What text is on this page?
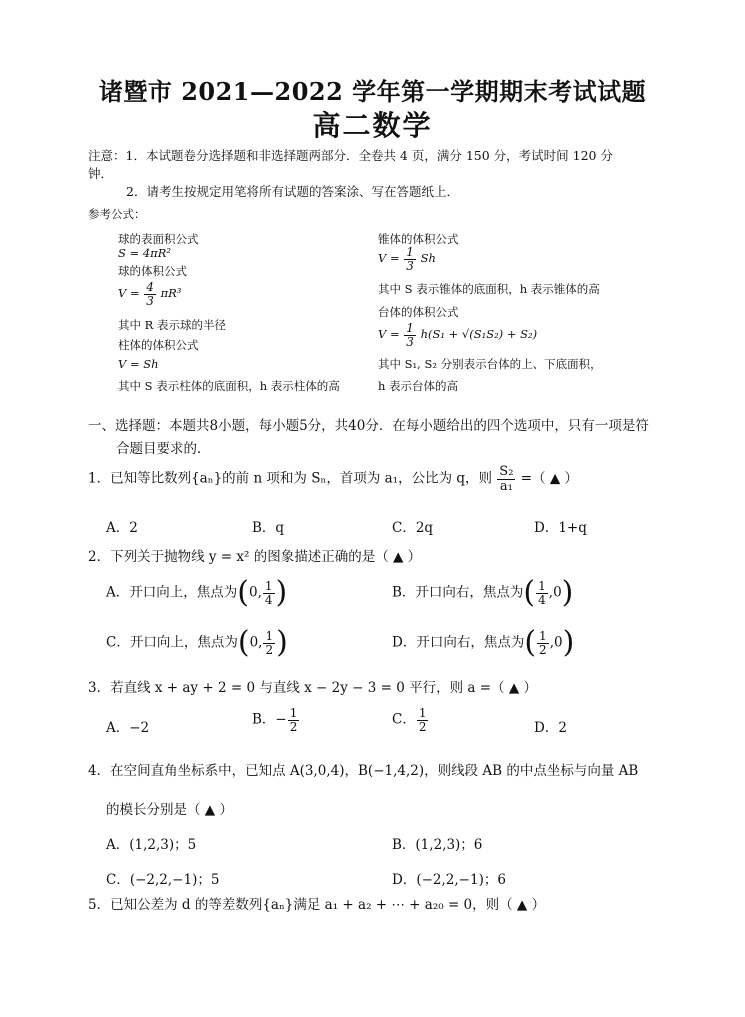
诸暨市 2021—2022 学年第一学期期末考试试题
高二数学
注意：1．本试题卷分选择题和非选择题两部分．全卷共 4 页，满分 150 分，考试时间 120 分
钟．
2．请考生按规定用笔将所有试题的答案涂、写在答题纸上．
参考公式：
球的表面积公式
S = 4πR²
球的体积公式
$V = \frac{4}{3} \pi R^3$
其中 R 表示球的半径
柱体的体积公式
V = Sh
其中 S 表示柱体的底面积，h 表示柱体的高
锥体的体积公式
$V = \frac{1}{3}$ Sh
其中 S 表示锥体的底面积，h 表示锥体的高
台体的体积公式
$V = \frac{1}{3} h(S_1 + √(S_1S_2) + S_2)$
其中 S₁, S₂ 分别表示台体的上、下底面积，
h 表示台体的高
一、选择题：本题共8小题，每小题5分，共40分．在每小题给出的四个选项中，只有一项是符
合题目要求的．
1．已知等比数列{aₙ}的前 n 项和为 Sₙ，首项为 a₁，公比为 q，则 $\frac{\text{S₂}}{\text{a₁}}$ =（ ▲ ）
A．2	B．q	C．2q	D．1+q
2．下列关于抛物线 y = x² 的图象描述正确的是（ ▲ ）
A．开口向上，焦点为(0, $\frac{1}{4}$ )	B．开口向右，焦点为( $\frac{1}{4} ,0$)
C．开口向上，焦点为(0, $\frac{1}{2}$ )	D．开口向右，焦点为( $\frac{1}{2} ,0$)
3．若直线 x + ay + 2 = 0 与直线 x − 2y − 3 = 0 平行，则 a =（ ▲ ）
A．−2
B．− $\frac{1}{2}$	C． $\frac{1}{2}$	D．2
4．在空间直角坐标系中，已知点 A(3,0,4)，B(−1,4,2)，则线段 AB 的中点坐标与向量 AB
的模长分别是（ ▲ ）
A．(1,2,3)；5	B．(1,2,3)；6
C．(−2,2,−1)；5	D．(−2,2,−1)；6
5．已知公差为 d 的等差数列{aₙ}满足 a₁ + a₂ + ⋯ + a₂₀ = 0，则（ ▲ ）
